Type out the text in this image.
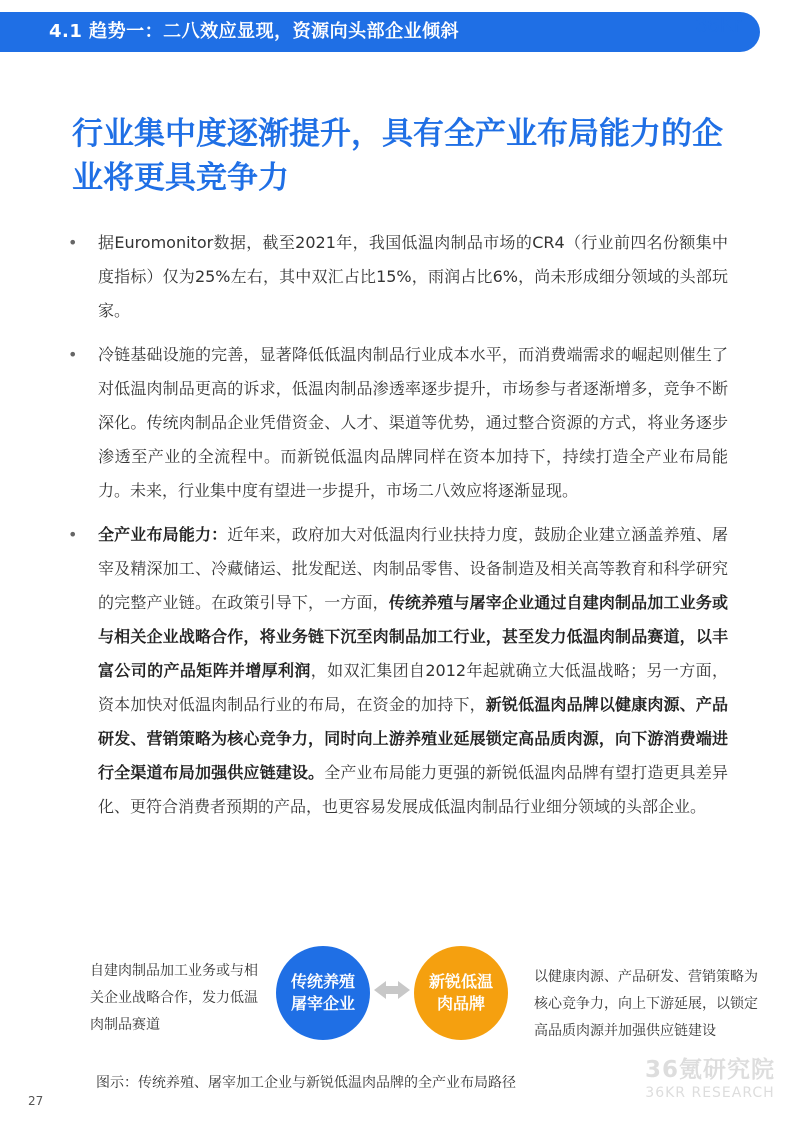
4.1 趋势一：二八效应显现，资源向头部企业倾斜	36Kr
行业集中度逐渐提升，具有全产业布局能力的企业将更具竞争力
• 据Euromonitor数据，截至2021年，我国低温肉制品市场的CR4（行业前四名份额集中度指标）仅为25%左右，其中双汇占比15%，雨润占比6%，尚未形成细分领域的头部玩家。
• 冷链基础设施的完善，显著降低低温肉制品行业成本水平，而消费端需求的崛起则催生了对低温肉制品更高的诉求，低温肉制品渗透率逐步提升，市场参与者逐渐增多，竞争不断深化。传统肉制品企业凭借资金、人才、渠道等优势，通过整合资源的方式，将业务逐步渗透至产业的全流程中。而新锐低温肉品牌同样在资本加持下，持续打造全产业布局能力。未来，行业集中度有望进一步提升，市场二八效应将逐渐显现。
• 全产业布局能力：近年来，政府加大对低温肉行业扶持力度，鼓励企业建立涵盖养殖、屠宰及精深加工、冷藏储运、批发配送、肉制品零售、设备制造及相关高等教育和科学研究的完整产业链。在政策引导下，一方面，传统养殖与屠宰企业通过自建肉制品加工业务或与相关企业战略合作，将业务链下沉至肉制品加工行业，甚至发力低温肉制品赛道，以丰富公司的产品矩阵并增厚利润，如双汇集团自2012年起就确立大低温战略；另一方面，资本加快对低温肉制品行业的布局，在资金的加持下，新锐低温肉品牌以健康肉源、产品研发、营销策略为核心竞争力，同时向上游养殖业延展锁定高品质肉源，向下游消费端进行全渠道布局加强供应链建设。全产业布局能力更强的新锐低温肉品牌有望打造更具差异化、更符合消费者预期的产品，也更容易发展成低温肉制品行业细分领域的头部企业。
自建肉制品加工业务或与相关企业战略合作，发力低温肉制品赛道
传统养殖屠宰企业
新锐低温肉品牌
以健康肉源、产品研发、营销策略为核心竞争力，向上下游延展，以锁定高品质肉源并加强供应链建设
图示：传统养殖、屠宰加工企业与新锐低温肉品牌的全产业布局路径	36氪研究院
36KR RESEARCH
27
